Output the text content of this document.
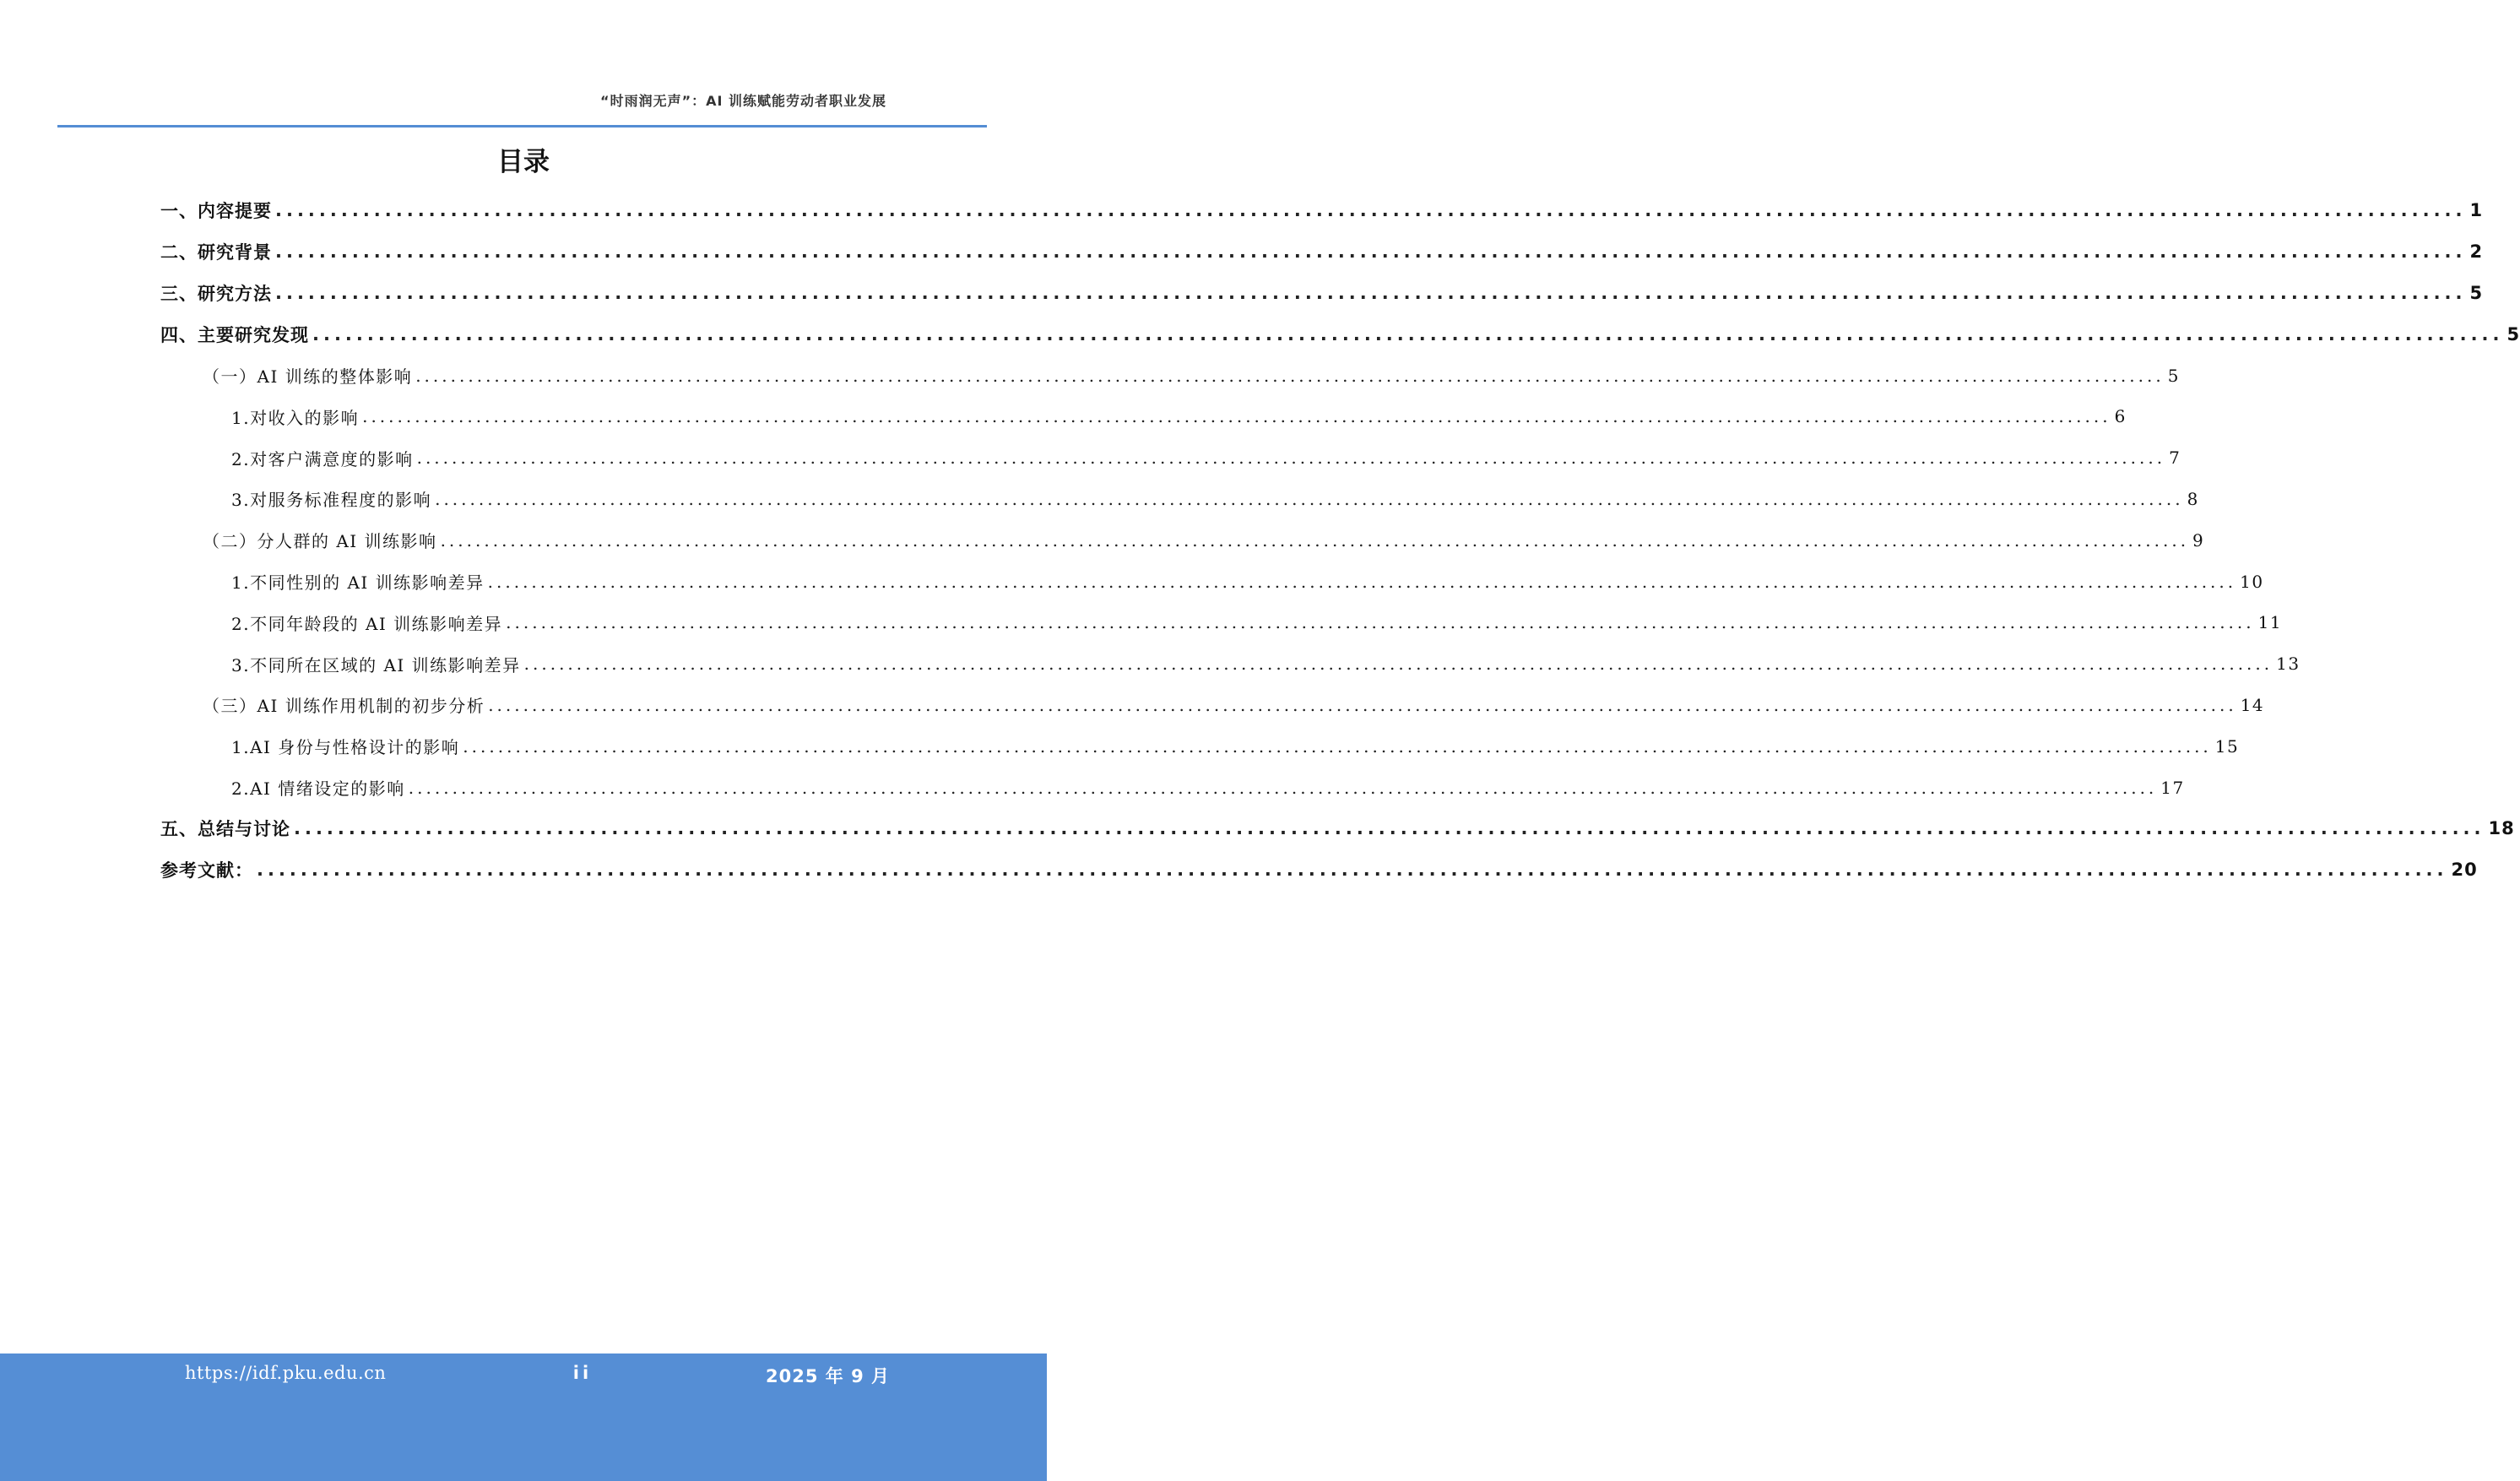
“时雨润无声”：AI 训练赋能劳动者职业发展
目录
一、内容提要 ........................................................................................................................................................................................................ 1
二、研究背景 ........................................................................................................................................................................................................ 2
三、研究方法 ........................................................................................................................................................................................................ 5
四、主要研究发现 ........................................................................................................................................................................................................ 5
（一）AI 训练的整体影响 ........................................................................................................................................................................................................ 5
1.对收入的影响 ........................................................................................................................................................................................................ 6
2.对客户满意度的影响 ........................................................................................................................................................................................................ 7
3.对服务标准程度的影响 ........................................................................................................................................................................................................ 8
（二）分人群的 AI 训练影响 ........................................................................................................................................................................................................ 9
1.不同性别的 AI 训练影响差异 ........................................................................................................................................................................................................ 10
2.不同年龄段的 AI 训练影响差异 ........................................................................................................................................................................................................ 11
3.不同所在区域的 AI 训练影响差异 ........................................................................................................................................................................................................ 13
（三）AI 训练作用机制的初步分析 ........................................................................................................................................................................................................ 14
1.AI 身份与性格设计的影响 ........................................................................................................................................................................................................ 15
2.AI 情绪设定的影响 ........................................................................................................................................................................................................ 17
五、总结与讨论 ........................................................................................................................................................................................................ 18
参考文献： ........................................................................................................................................................................................................ 20
https://idf.pku.edu.cn	ii	2025 年 9 月
